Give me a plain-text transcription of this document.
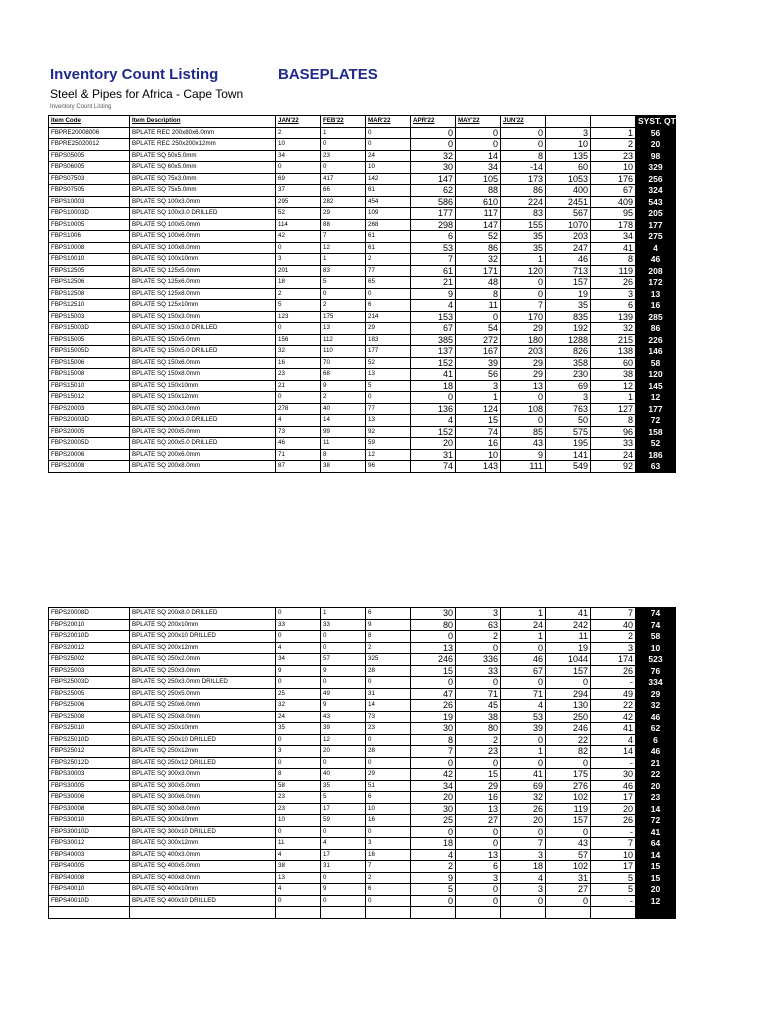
Inventory Count Listing	BASEPLATES
Steel & Pipes for Africa - Cape Town
Inventory Count Listing
Item Code	Item Description	JAN'22	FEB'22	MAR'22	APR'22	MAY'22	JUN'22			SYST. QTY
FBPRE20008006	BPLATE REC 200x80x6.0mm	2	1	0	0	0	0	3	1	56
FBPRE25020012	BPLATE REC 250x200x12mm	10	0	0	0	0	0	10	2	20
FBPS05005	BPLATE SQ 50x5.0mm	34	23	24	32	14	8	135	23	98
FBPS06005	BPLATE SQ 60x5.0mm	0	0	10	30	34	-14	60	10	329
FBPS07503	BPLATE SQ 75x3.0mm	69	417	142	147	105	173	1053	176	256
FBPS07505	BPLATE SQ 75x5.0mm	37	66	61	62	88	86	400	67	324
FBPS10003	BPLATE SQ 100x3.0mm	295	282	454	586	610	224	2451	409	543
FBPS10003D	BPLATE SQ 100x3.0 DRILLED	52	29	109	177	117	83	567	95	205
FBPS10005	BPLATE SQ 100x5.0mm	114	88	268	298	147	155	1070	178	177
FBPS1006	BPLATE SQ 100x6.0mm	42	7	61	6	52	35	203	34	275
FBPS10008	BPLATE SQ 100x8.0mm	0	12	61	53	86	35	247	41	4
FBPS10010	BPLATE SQ 100x10mm	3	1	2	7	32	1	46	8	46
FBPS12505	BPLATE SQ 125x5.0mm	201	83	77	61	171	120	713	119	208
FBPS12506	BPLATE SQ 125x6.0mm	18	5	65	21	48	0	157	26	172
FBPS12508	BPLATE SQ 125x8.0mm	2	0	0	9	8	0	19	3	13
FBPS12510	BPLATE SQ 125x10mm	5	2	6	4	11	7	35	6	16
FBPS15003	BPLATE SQ 150x3.0mm	123	175	214	153	0	170	835	139	285
FBPS15003D	BPLATE SQ 150x3.0 DRILLED	0	13	29	67	54	29	192	32	86
FBPS15005	BPLATE SQ 150x5.0mm	156	112	183	385	272	180	1288	215	226
FBPS15005D	BPLATE SQ 150x5.0 DRILLED	32	110	177	137	167	203	826	138	146
FBPS15006	BPLATE SQ 150x6.0mm	16	70	52	152	39	29	358	60	58
FBPS15008	BPLATE SQ 150x8.0mm	23	68	13	41	56	29	230	38	120
FBPS15010	BPLATE SQ 150x10mm	21	9	5	18	3	13	69	12	145
FBPS15012	BPLATE SQ 150x12mm	0	2	0	0	1	0	3	1	12
FBPS20003	BPLATE SQ 200x3.0mm	278	40	77	136	124	108	763	127	177
FBPS20003D	BPLATE SQ 200x3.0 DRILLED	4	14	13	4	15	0	50	8	72
FBPS20005	BPLATE SQ 200x5.0mm	73	99	92	152	74	85	575	96	158
FBPS20005D	BPLATE SQ 200x5.0 DRILLED	46	11	59	20	16	43	195	33	52
FBPS20006	BPLATE SQ 200x6.0mm	71	8	12	31	10	9	141	24	186
FBPS20008	BPLATE SQ 200x8.0mm	87	38	96	74	143	111	549	92	63
FBPS20008D	BPLATE SQ 200x8.0 DRILLED	0	1	6	30	3	1	41	7	74
FBPS20010	BPLATE SQ 200x10mm	33	33	9	80	63	24	242	40	74
FBPS20010D	BPLATE SQ 200x10 DRILLED	0	0	8	0	2	1	11	2	58
FBPS20012	BPLATE SQ 200x12mm	4	0	2	13	0	0	19	3	10
FBPS25002	BPLATE SQ 250x2.0mm	34	57	325	246	336	46	1044	174	523
FBPS25003	BPLATE SQ 250x3.0mm	9	9	28	15	33	67	157	26	76
FBPS25003D	BPLATE SQ 250x3.0mm DRILLED	0	0	0	0	0	0	0	-	334
FBPS25005	BPLATE SQ 250x5.0mm	25	49	31	47	71	71	294	49	29
FBPS25006	BPLATE SQ 250x6.0mm	32	9	14	26	45	4	130	22	32
FBPS25008	BPLATE SQ 250x8.0mm	24	43	73	19	38	53	250	42	46
FBPS25010	BPLATE SQ 250x10mm	35	39	23	30	80	39	246	41	62
FBPS25010D	BPLATE SQ 250x10 DRILLED	0	12	0	8	2	0	22	4	6
FBPS25012	BPLATE SQ 250x12mm	3	20	28	7	23	1	82	14	46
FBPS25012D	BPLATE SQ 250x12 DRILLED	0	0	0	0	0	0	0	-	21
FBPS30003	BPLATE SQ 300x3.0mm	8	40	29	42	15	41	175	30	22
FBPS30005	BPLATE SQ 300x5.0mm	58	35	51	34	29	69	276	46	20
FBPS30006	BPLATE SQ 300x6.0mm	23	5	6	20	16	32	102	17	23
FBPS30008	BPLATE SQ 300x8.0mm	23	17	10	30	13	26	119	20	14
FBPS30010	BPLATE SQ 300x10mm	10	59	16	25	27	20	157	26	72
FBPS30010D	BPLATE SQ 300x10 DRILLED	0	0	0	0	0	0	0	-	41
FBPS30012	BPLATE SQ 300x12mm	11	4	3	18	0	7	43	7	64
FBPS40003	BPLATE SQ 400x3.0mm	4	17	16	4	13	3	57	10	14
FBPS40005	BPLATE SQ 400x5.0mm	38	31	7	2	6	18	102	17	15
FBPS40008	BPLATE SQ 400x8.0mm	13	0	2	9	3	4	31	5	15
FBPS40010	BPLATE SQ 400x10mm	4	9	6	5	0	3	27	5	20
FBPS40010D	BPLATE SQ 400x10 DRILLED	0	0	0	0	0	0	0	-	12
